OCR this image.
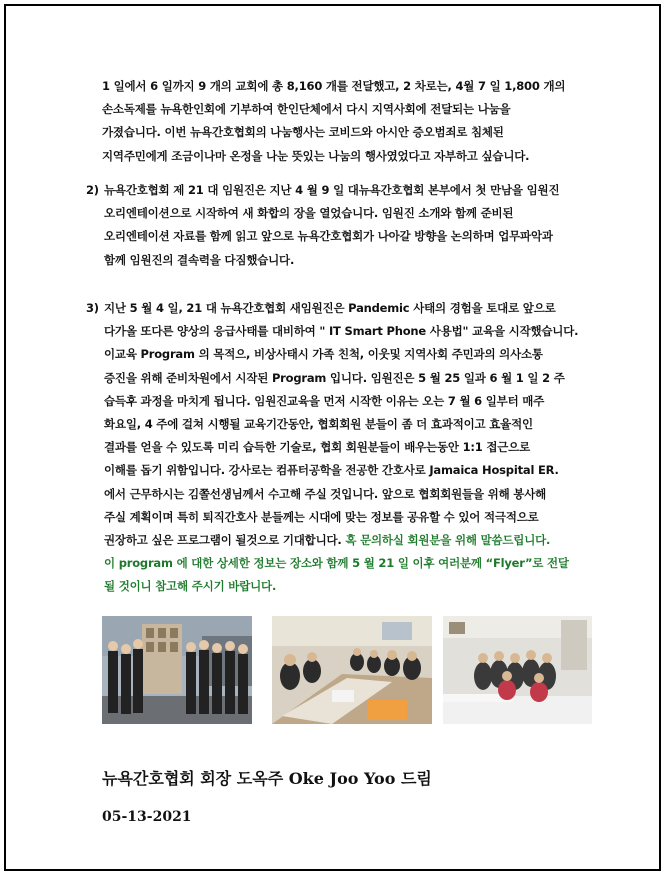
1 일에서 6 일까지 9 개의 교회에 총 8,160 개를 전달했고, 2 차로는, 4월 7 일 1,800 개의
손소독제를 뉴욕한인회에 기부하여 한인단체에서 다시 지역사회에 전달되는 나눔을
가졌습니다. 이번 뉴욕간호협회의 나눔행사는 코비드와 아시안 증오범죄로 침체된
지역주민에게 조금이나마 온정을 나눈 뜻있는 나눔의 행사였었다고 자부하고 싶습니다.
2) 뉴욕간호협회 제 21 대 임원진은 지난 4 월 9 일 대뉴욕간호협회 본부에서 첫 만남을 임원진
오리엔테이션으로 시작하여 새 화합의 장을 열었습니다. 임원진 소개와 함께 준비된
오리엔테이션 자료를 함께 읽고 앞으로 뉴욕간호협회가 나아갈 방향을 논의하며 업무파악과
함께 임원진의 결속력을 다짐했습니다.
3) 지난 5 월 4 일, 21 대 뉴욕간호협회 새임원진은 Pandemic 사태의 경험을 토대로 앞으로
다가올 또다른 양상의 응급사태를 대비하여 " IT Smart Phone 사용법" 교육을 시작했습니다.
이교육 Program 의 목적으, 비상사태시 가족 친척, 이웃및 지역사회 주민과의 의사소통
증진을 위해 준비차원에서 시작된 Program 입니다. 임원진은 5 월 25 일과 6 월 1 일 2 주
습득후 과정을 마치게 됩니다. 임원진교육을 먼저 시작한 이유는 오는 7 월 6 일부터 매주
화요일, 4 주에 걸쳐 시행될 교육기간동안, 협회회원 분들이 좀 더 효과적이고 효율적인
결과를 얻을 수 있도록 미리 습득한 기술로, 협회 회원분들이 배우는동안 1:1 접근으로
이해를 돕기 위함입니다. 강사로는 컴퓨터공학을 전공한 간호사로 Jamaica Hospital ER.
에서 근무하시는 김쫄선생님께서 수고해 주실 것입니다. 앞으로 협회회원들을 위해 봉사해
주실 계획이며 특히 퇴직간호사 분들께는 시대에 맞는 정보를 공유할 수 있어 적극적으로
권장하고 싶은 프로그램이 될것으로 기대합니다. 혹 문의하실 회원분을 위해 말씀드립니다.
이 program 에 대한 상세한 정보는 장소와 함께 5 월 21 일 이후 여러분께 “Flyer”로 전달
될 것이니 참고해 주시기 바랍니다.
뉴욕간호협회 회장 도옥주 Oke Joo Yoo 드림
05-13-2021
